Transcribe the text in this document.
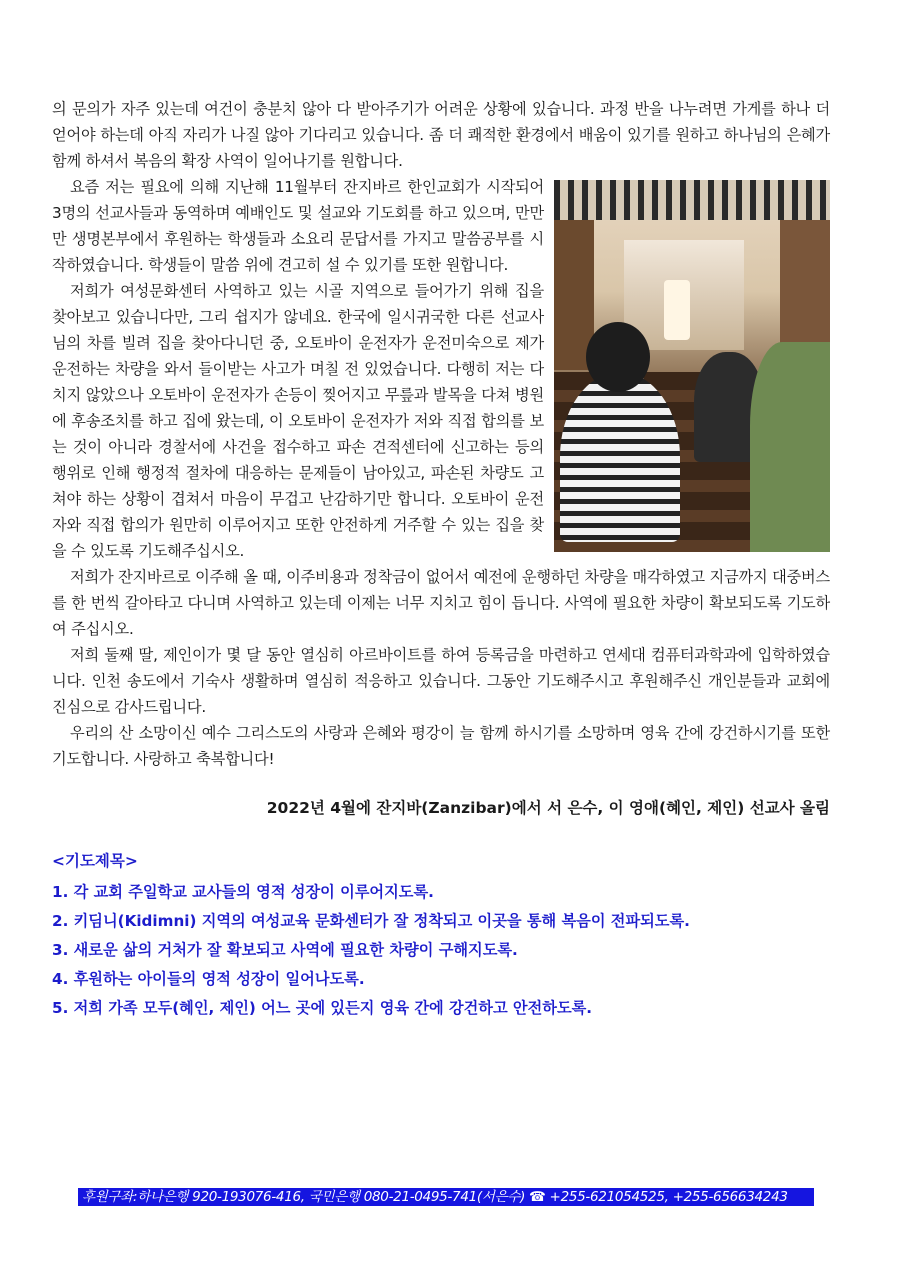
의 문의가 자주 있는데 여건이 충분치 않아 다 받아주기가 어려운 상황에 있습니다. 과정 반을 나누려면 가게를 하나 더 얻어야 하는데 아직 자리가 나질 않아 기다리고 있습니다. 좀 더 쾌적한 환경에서 배움이 있기를 원하고 하나님의 은혜가 함께 하셔서 복음의 확장 사역이 일어나기를 원합니다.

요즘 저는 필요에 의해 지난해 11월부터 잔지바르 한인교회가 시작되어 3명의 선교사들과 동역하며 예배인도 및 설교와 기도회를 하고 있으며, 만만만 생명본부에서 후원하는 학생들과 소요리 문답서를 가지고 말씀공부를 시작하였습니다. 학생들이 말씀 위에 견고히 설 수 있기를 또한 원합니다.

저희가 여성문화센터 사역하고 있는 시골 지역으로 들어가기 위해 집을 찾아보고 있습니다만, 그리 쉽지가 않네요. 한국에 일시귀국한 다른 선교사님의 차를 빌려 집을 찾아다니던 중, 오토바이 운전자가 운전미숙으로 제가 운전하는 차량을 와서 들이받는 사고가 며칠 전 있었습니다. 다행히 저는 다치지 않았으나 오토바이 운전자가 손등이 찢어지고 무릎과 발목을 다쳐 병원에 후송조치를 하고 집에 왔는데, 이 오토바이 운전자가 저와 직접 합의를 보는 것이 아니라 경찰서에 사건을 접수하고 파손 견적센터에 신고하는 등의 행위로 인해 행정적 절차에 대응하는 문제들이 남아있고, 파손된 차량도 고쳐야 하는 상황이 겹쳐서 마음이 무겁고 난감하기만 합니다. 오토바이 운전자와 직접 합의가 원만히 이루어지고 또한 안전하게 거주할 수 있는 집을 찾을 수 있도록 기도해주십시오.

저희가 잔지바르로 이주해 올 때, 이주비용과 정착금이 없어서 예전에 운행하던 차량을 매각하였고 지금까지 대중버스를 한 번씩 갈아타고 다니며 사역하고 있는데 이제는 너무 지치고 힘이 듭니다. 사역에 필요한 차량이 확보되도록 기도하여 주십시오.

저희 둘째 딸, 제인이가 몇 달 동안 열심히 아르바이트를 하여 등록금을 마련하고 연세대 컴퓨터과학과에 입학하였습니다. 인천 송도에서 기숙사 생활하며 열심히 적응하고 있습니다. 그동안 기도해주시고 후원해주신 개인분들과 교회에 진심으로 감사드립니다.

우리의 산 소망이신 예수 그리스도의 사랑과 은혜와 평강이 늘 함께 하시기를 소망하며 영육 간에 강건하시기를 또한 기도합니다. 사랑하고 축복합니다!

2022년 4월에 잔지바(Zanzibar)에서 서 은수, 이 영애(혜인, 제인) 선교사 올림

<기도제목>

1. 각 교회 주일학교 교사들의 영적 성장이 이루어지도록.
2. 키딤니(Kidimni) 지역의 여성교육 문화센터가 잘 정착되고 이곳을 통해 복음이 전파되도록.
3. 새로운 삶의 거처가 잘 확보되고 사역에 필요한 차량이 구해지도록.
4. 후원하는 아이들의 영적 성장이 일어나도록.
5. 저희 가족 모두(혜인, 제인) 어느 곳에 있든지 영육 간에 강건하고 안전하도록.
후원구좌:하나은행 920-193076-416, 국민은행 080-21-0495-741(서은수) ☎ +255-621054525, +255-656634243
